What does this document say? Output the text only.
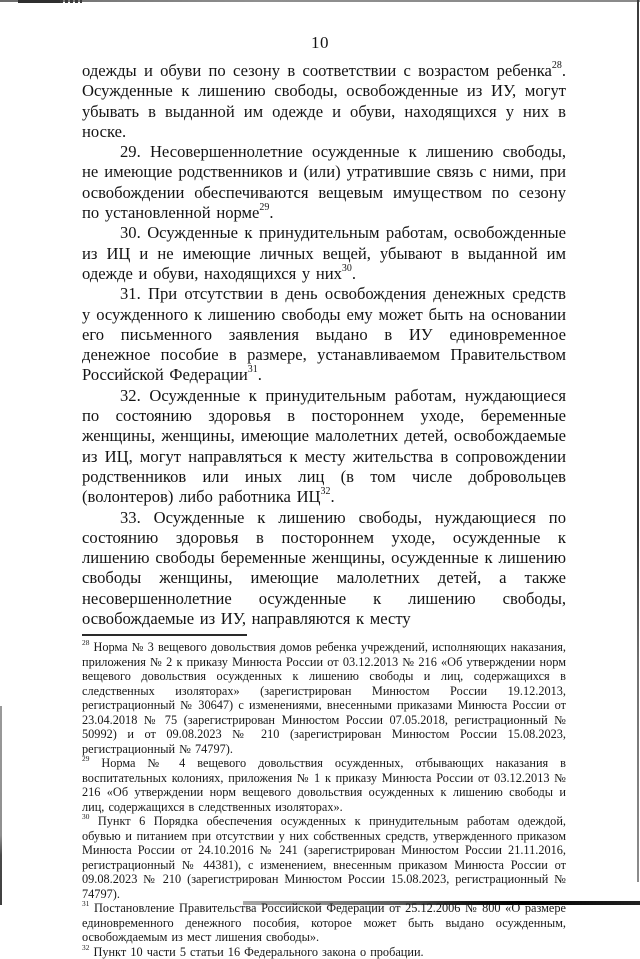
10

одежды и обуви по сезону в соответствии с возрастом ребенка$^{28}$. Осужденные к лишению свободы, освобожденные из ИУ, могут убывать в выданной им одежде и обуви, находящихся у них в носке.

29. Несовершеннолетние осужденные к лишению свободы, не имеющие родственников и (или) утратившие связь с ними, при освобождении обеспечиваются вещевым имуществом по сезону по установленной норме$^{29}$.

30. Осужденные к принудительным работам, освобожденные из ИЦ и не имеющие личных вещей, убывают в выданной им одежде и обуви, находящихся у них$^{30}$.

31. При отсутствии в день освобождения денежных средств у осужденного к лишению свободы ему может быть на основании его письменного заявления выдано в ИУ единовременное денежное пособие в размере, устанавливаемом Правительством Российской Федерации$^{31}$.

32. Осужденные к принудительным работам, нуждающиеся по состоянию здоровья в постороннем уходе, беременные женщины, женщины, имеющие малолетних детей, освобождаемые из ИЦ, могут направляться к месту жительства в сопровождении родственников или иных лиц (в том числе добровольцев (волонтеров) либо работника ИЦ$^{32}$.

33. Осужденные к лишению свободы, нуждающиеся по состоянию здоровья в постороннем уходе, осужденные к лишению свободы беременные женщины, осужденные к лишению свободы женщины, имеющие малолетних детей, а также несовершеннолетние осужденные к лишению свободы, освобождаемые из ИУ, направляются к месту

$^{28}$ Норма № 3 вещевого довольствия домов ребенка учреждений, исполняющих наказания, приложения № 2 к приказу Минюста России от 03.12.2013 № 216 «Об утверждении норм вещевого довольствия осужденных к лишению свободы и лиц, содержащихся в следственных изоляторах» (зарегистрирован Минюстом России 19.12.2013, регистрационный № 30647) с изменениями, внесенными приказами Минюста России от 23.04.2018 № 75 (зарегистрирован Минюстом России 07.05.2018, регистрационный № 50992) и от 09.08.2023 № 210 (зарегистрирован Минюстом России 15.08.2023, регистрационный № 74797).

$^{29}$ Норма № 4 вещевого довольствия осужденных, отбывающих наказания в воспитательных колониях, приложения № 1 к приказу Минюста России от 03.12.2013 № 216 «Об утверждении норм вещевого довольствия осужденных к лишению свободы и лиц, содержащихся в следственных изоляторах».

$^{30}$ Пункт 6 Порядка обеспечения осужденных к принудительным работам одеждой, обувью и питанием при отсутствии у них собственных средств, утвержденного приказом Минюста России от 24.10.2016 № 241 (зарегистрирован Минюстом России 21.11.2016, регистрационный № 44381), с изменением, внесенным приказом Минюста России от 09.08.2023 № 210 (зарегистрирован Минюстом России 15.08.2023, регистрационный № 74797).

$^{31}$ Постановление Правительства Российской Федерации от 25.12.2006 № 800 «О размере единовременного денежного пособия, которое может быть выдано осужденным, освобождаемым из мест лишения свободы».

$^{32}$ Пункт 10 части 5 статьи 16 Федерального закона о пробации.
